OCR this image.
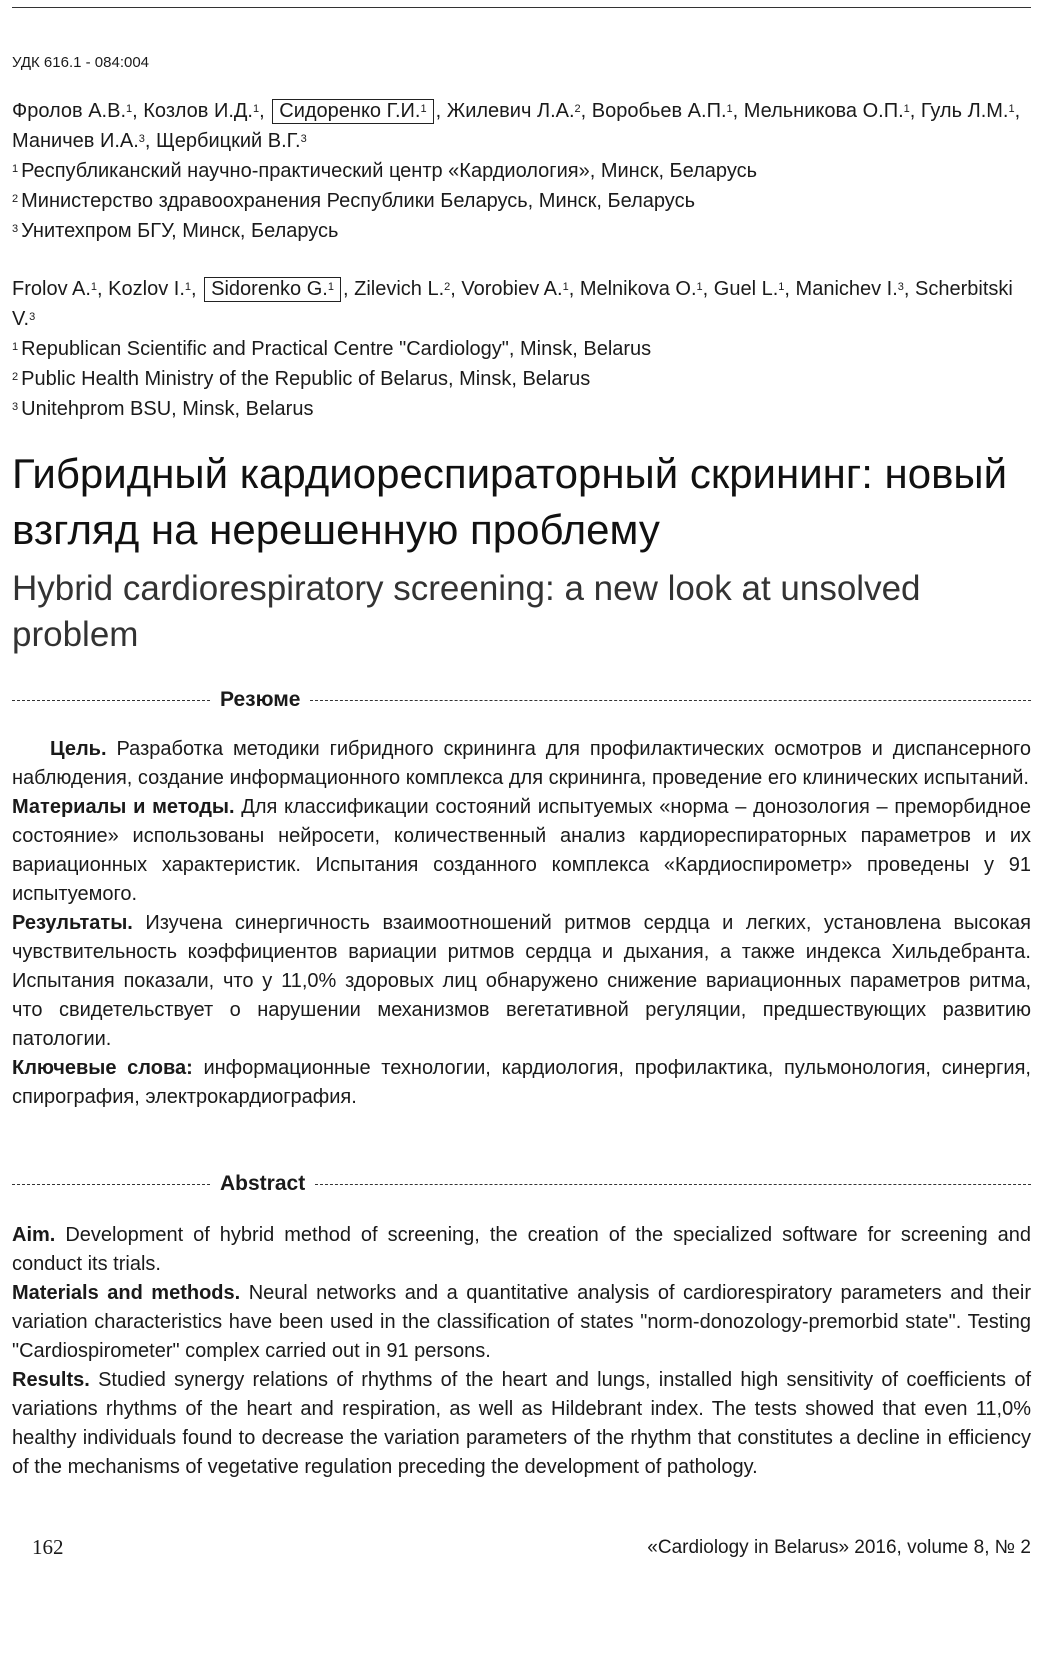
УДК 616.1 - 084:004
Фролов А.В.$^1$, Козлов И.Д.$^1$, Сидоренко Г.И.$^1$ , Жилевич Л.А.$^2$, Воробьев А.П.$^1$, Мельникова О.П.$^1$, Гуль Л.М.$^1$, Маничев И.А.$^3$, Щербицкий В.Г.$^3$
$^1$ Республиканский научно-практический центр «Кардиология», Минск, Беларусь
$^2$ Министерство здравоохранения Республики Беларусь, Минск, Беларусь
$^3$ Унитехпром БГУ, Минск, Беларусь
Frolov A.$^1$, Kozlov I.$^1$, Sidorenko G.$^1$ , Zilevich L.$^2$, Vorobiev A.$^1$, Melnikova O.$^1$, Guel L.$^1$, Manichev I.$^3$, Scherbitski V.$^3$
$^1$ Republican Scientific and Practical Centre "Cardiology", Minsk, Belarus
$^2$ Public Health Ministry of the Republic of Belarus, Minsk, Belarus
$^3$ Unitehprom BSU, Minsk, Belarus
Гибридный кардиореспираторный скрининг: новый взгляд на нерешенную проблему
Hybrid cardiorespiratory screening: a new look at unsolved problem
Резюме

Цель. Разработка методики гибридного скрининга для профилактических осмотров и диспансерного наблюдения, создание информационного комплекса для скрининга, проведение его клинических испытаний.

Материалы и методы. Для классификации состояний испытуемых «норма – донозология – преморбидное состояние» использованы нейросети, количественный анализ кардиореспираторных параметров и их вариационных характеристик. Испытания созданного комплекса «Кардиоспирометр» проведены у 91 испытуемого.

Результаты. Изучена синергичность взаимоотношений ритмов сердца и легких, установлена высокая чувствительность коэффициентов вариации ритмов сердца и дыхания, а также индекса Хильдебранта. Испытания показали, что у 11,0% здоровых лиц обнаружено снижение вариационных параметров ритма, что свидетельствует о нарушении механизмов вегетативной регуляции, предшествующих развитию патологии.

Ключевые слова: информационные технологии, кардиология, профилактика, пульмонология, синергия, спирография, электрокардиография.

Abstract

Aim. Development of hybrid method of screening, the creation of the specialized software for screening and conduct its trials.

Materials and methods. Neural networks and a quantitative analysis of cardiorespiratory parameters and their variation characteristics have been used in the classification of states "norm-donozology-premorbid state". Testing "Cardiospirometer" complex carried out in 91 persons.

Results. Studied synergy relations of rhythms of the heart and lungs, installed high sensitivity of coefficients of variations rhythms of the heart and respiration, as well as Hildebrant index. The tests showed that even 11,0% healthy individuals found to decrease the variation parameters of the rhythm that constitutes a decline in efficiency of the mechanisms of vegetative regulation preceding the development of pathology.

162	«Cardiology in Belarus» 2016, volume 8, № 2
